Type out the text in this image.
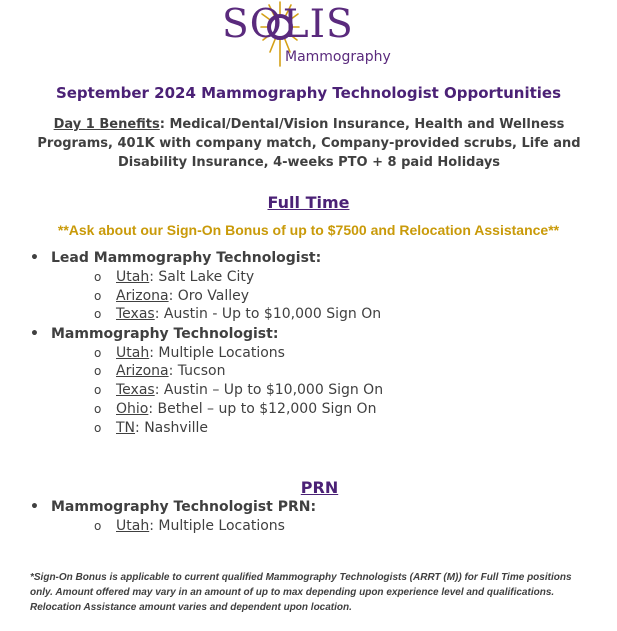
SOLIS
Mammography
September 2024 Mammography Technologist Opportunities
Day 1 Benefits: Medical/Dental/Vision Insurance, Health and Wellness Programs, 401K with company match, Company-provided scrubs, Life and Disability Insurance, 4-weeks PTO + 8 paid Holidays
Full Time
**Ask about our Sign-On Bonus of up to $7500 and Relocation Assistance**
• Lead Mammography Technologist:
o Utah: Salt Lake City
o Arizona: Oro Valley
o Texas: Austin - Up to $10,000 Sign On
• Mammography Technologist:
o Utah: Multiple Locations
o Arizona: Tucson
o Texas: Austin – Up to $10,000 Sign On
o Ohio: Bethel – up to $12,000 Sign On
o TN: Nashville
PRN
• Mammography Technologist PRN:
o Utah: Multiple Locations
*Sign-On Bonus is applicable to current qualified Mammography Technologists (ARRT (M)) for Full Time positions only. Amount offered may vary in an amount of up to max depending upon experience level and qualifications. Relocation Assistance amount varies and dependent upon location.
